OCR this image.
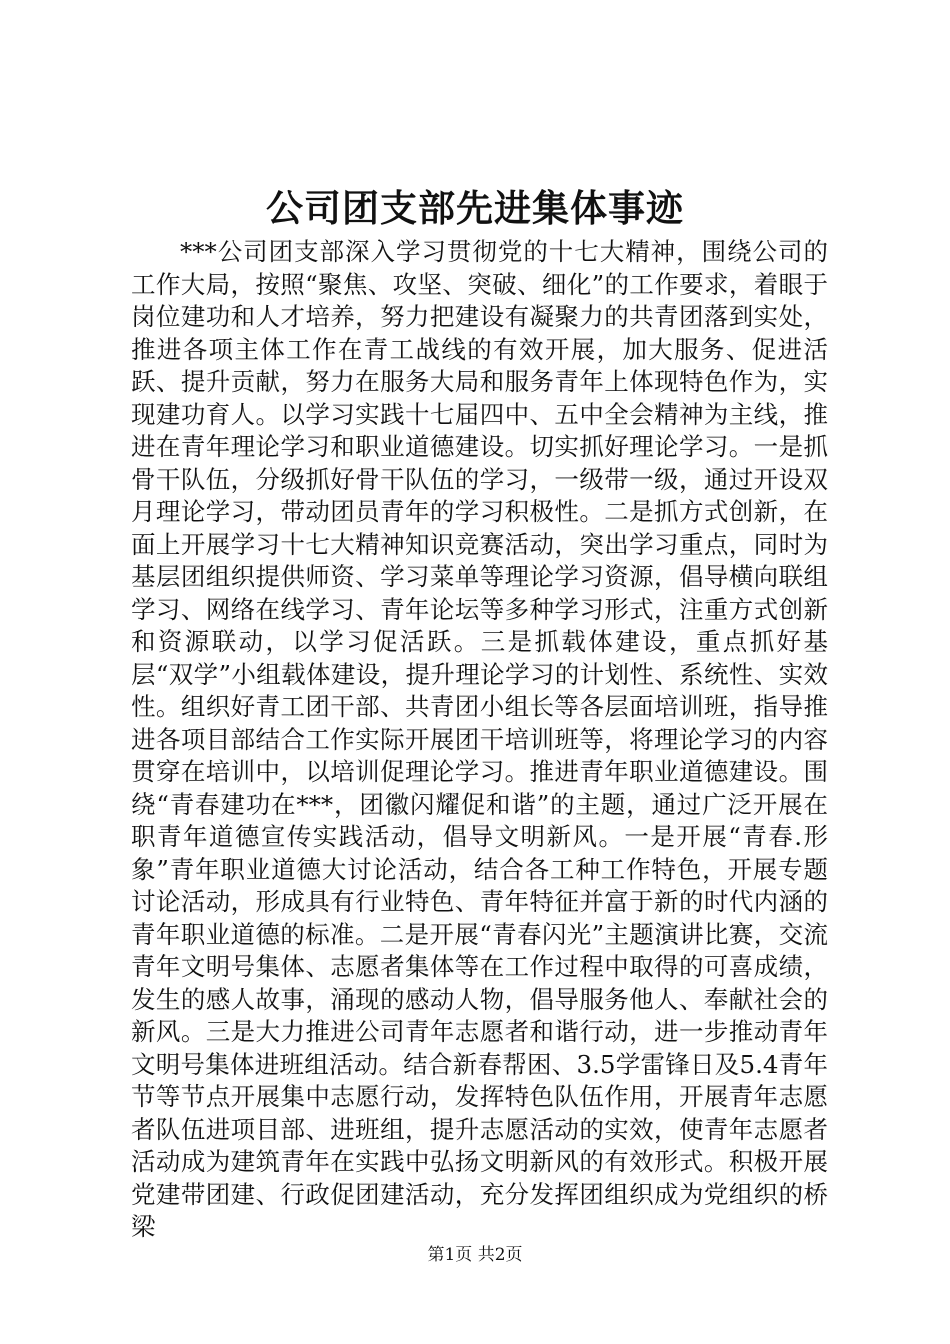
公司团支部先进集体事迹

***公司团支部深入学习贯彻党的十七大精神，围绕公司的工作大局，按照“聚焦、攻坚、突破、细化”的工作要求，着眼于岗位建功和人才培养，努力把建设有凝聚力的共青团落到实处，推进各项主体工作在青工战线的有效开展，加大服务、促进活跃、提升贡献，努力在服务大局和服务青年上体现特色作为，实现建功育人。以学习实践十七届四中、五中全会精神为主线，推进在青年理论学习和职业道德建设。切实抓好理论学习。一是抓骨干队伍，分级抓好骨干队伍的学习，一级带一级，通过开设双月理论学习，带动团员青年的学习积极性。二是抓方式创新，在面上开展学习十七大精神知识竞赛活动，突出学习重点，同时为基层团组织提供师资、学习菜单等理论学习资源，倡导横向联组学习、网络在线学习、青年论坛等多种学习形式，注重方式创新和资源联动，以学习促活跃。三是抓载体建设，重点抓好基层“双学”小组载体建设，提升理论学习的计划性、系统性、实效性。组织好青工团干部、共青团小组长等各层面培训班，指导推进各项目部结合工作实际开展团干培训班等，将理论学习的内容贯穿在培训中，以培训促理论学习。推进青年职业道德建设。围绕“青春建功在***，团徽闪耀促和谐”的主题，通过广泛开展在职青年道德宣传实践活动，倡导文明新风。一是开展“青春.形象”青年职业道德大讨论活动，结合各工种工作特色，开展专题讨论活动，形成具有行业特色、青年特征并富于新的时代内涵的青年职业道德的标准。二是开展“青春闪光”主题演讲比赛，交流青年文明号集体、志愿者集体等在工作过程中取得的可喜成绩，发生的感人故事，涌现的感动人物，倡导服务他人、奉献社会的新风。三是大力推进公司青年志愿者和谐行动，进一步推动青年文明号集体进班组活动。结合新春帮困、3.5学雷锋日及5.4青年节等节点开展集中志愿行动，发挥特色队伍作用，开展青年志愿者队伍进项目部、进班组，提升志愿活动的实效，使青年志愿者活动成为建筑青年在实践中弘扬文明新风的有效形式。积极开展党建带团建、行政促团建活动，充分发挥团组织成为党组织的桥梁

第1页 共2页
